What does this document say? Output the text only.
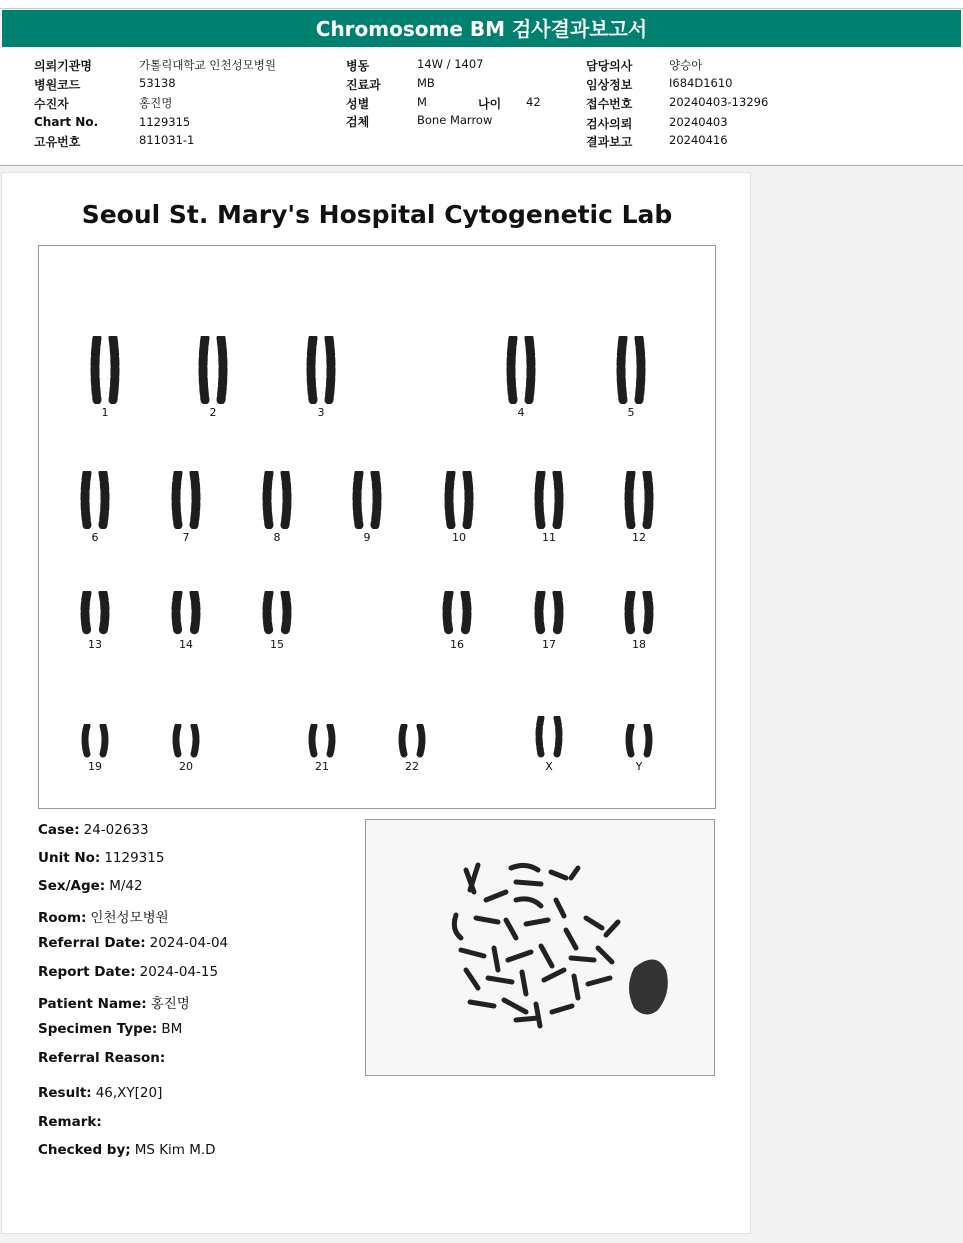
Chromosome BM 검사결과보고서
의뢰기관명	가톨릭대학교 인천성모병원
병원코드	53138
수진자	홍진명
Chart No.	1129315
고유번호	811031-1
병동	14W / 1407
진료과	MB
성별	M	나이 42
검체	Bone Marrow
담당의사	양승아
임상정보	I684D1610
접수번호	20240403-13296
검사의뢰	20240403
결과보고	20240416
Seoul St. Mary's Hospital Cytogenetic Lab
1	2	3	4	5
6	7	8	9	10	11	12
13	14	15	16	17	18
19	20	21	22	X	Y
Case: 24-02633
Unit No: 1129315
Sex/Age: M/42
Room: 인천성모병원
Referral Date: 2024-04-04
Report Date: 2024-04-15
Patient Name: 홍진명
Specimen Type: BM
Referral Reason:
Result: 46,XY[20]
Remark:
Checked by; MS Kim M.D
